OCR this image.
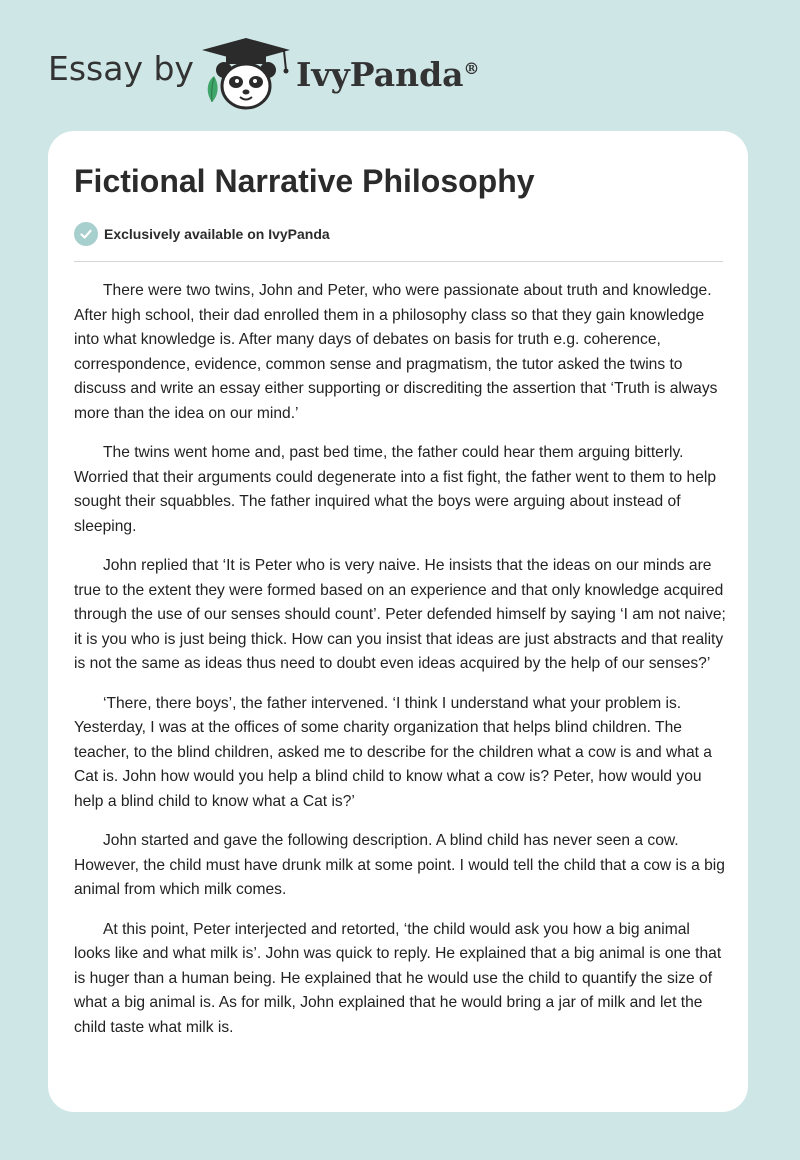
Essay by	IvyPanda®
Fictional Narrative Philosophy
Exclusively available on IvyPanda

There were two twins, John and Peter, who were passionate about truth and knowledge. After high school, their dad enrolled them in a philosophy class so that they gain knowledge into what knowledge is. After many days of debates on basis for truth e.g. coherence, correspondence, evidence, common sense and pragmatism, the tutor asked the twins to discuss and write an essay either supporting or discrediting the assertion that ‘Truth is always more than the idea on our mind.’

The twins went home and, past bed time, the father could hear them arguing bitterly. Worried that their arguments could degenerate into a fist fight, the father went to them to help sought their squabbles. The father inquired what the boys were arguing about instead of sleeping.

John replied that ‘It is Peter who is very naive. He insists that the ideas on our minds are true to the extent they were formed based on an experience and that only knowledge acquired through the use of our senses should count’. Peter defended himself by saying ‘I am not naive; it is you who is just being thick. How can you insist that ideas are just abstracts and that reality is not the same as ideas thus need to doubt even ideas acquired by the help of our senses?’

‘There, there boys’, the father intervened. ‘I think I understand what your problem is. Yesterday, I was at the offices of some charity organization that helps blind children. The teacher, to the blind children, asked me to describe for the children what a cow is and what a Cat is. John how would you help a blind child to know what a cow is? Peter, how would you help a blind child to know what a Cat is?’

John started and gave the following description. A blind child has never seen a cow. However, the child must have drunk milk at some point. I would tell the child that a cow is a big animal from which milk comes.

At this point, Peter interjected and retorted, ‘the child would ask you how a big animal looks like and what milk is’. John was quick to reply. He explained that a big animal is one that is huger than a human being. He explained that he would use the child to quantify the size of what a big animal is. As for milk, John explained that he would bring a jar of milk and let the child taste what milk is.
